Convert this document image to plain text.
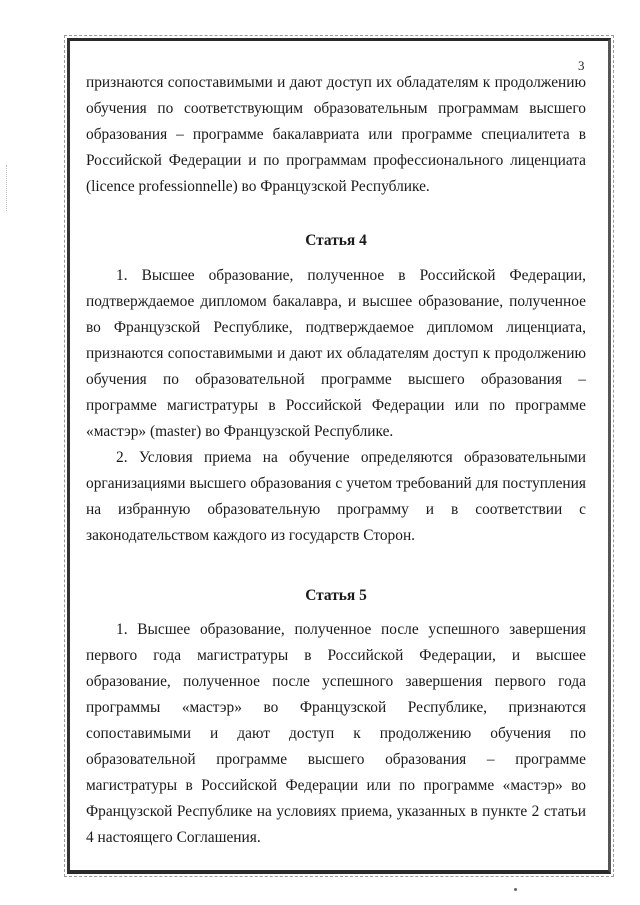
3

признаются сопоставимыми и дают доступ их обладателям к продолжению обучения по соответствующим образовательным программам высшего образования – программе бакалавриата или программе специалитета в Российской Федерации и по программам профессионального лиценциата (licence professionnelle) во Французской Республике.

Статья 4

1. Высшее образование, полученное в Российской Федерации, подтверждаемое дипломом бакалавра, и высшее образование, полученное во Французской Республике, подтверждаемое дипломом лиценциата, признаются сопоставимыми и дают их обладателям доступ к продолжению обучения по образовательной программе высшего образования – программе магистратуры в Российской Федерации или по программе «мастэр» (master) во Французской Республике.

2. Условия приема на обучение определяются образовательными организациями высшего образования с учетом требований для поступления на избранную образовательную программу и в соответствии с законодательством каждого из государств Сторон.

Статья 5

1. Высшее образование, полученное после успешного завершения первого года магистратуры в Российской Федерации, и высшее образование, полученное после успешного завершения первого года программы «мастэр» во Французской Республике, признаются сопоставимыми и дают доступ к продолжению обучения по образовательной программе высшего образования – программе магистратуры в Российской Федерации или по программе «мастэр» во Французской Республике на условиях приема, указанных в пункте 2 статьи 4 настоящего Соглашения.
